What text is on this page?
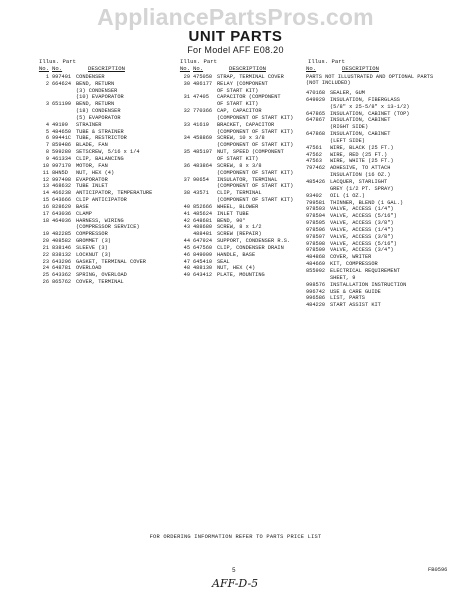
AppliancePartsPros.com
UNIT PARTS
For Model AFF E08.20
Illus. Part
No. No.	DESCRIPTION
1 997401 CONDENSER
2 664624 BEND, RETURN
(3) CONDENSER
(10) EVAPORATOR
3 651199 BEND, RETURN
(18) CONDENSER
(5) EVAPORATOR
4 49199	STRAINER
5 484650 TUBE & STRAINER
6 99441C TUBE, RESTRICTOR
7 859486 BLADE, FAN
8 599280 SETSCREW, 5/16 x 1/4
9 461334 CLIP, BALANCING
10 997170 MOTOR, FAN
11 8HN5D	NUT, HEX (4)
12 997408 EVAPORATOR
13 468632 TUBE INLET
14 466238 ANTICIPATOR, TEMPERATURE
15 643666 CLIP ANTICIPATOR
16 828620 BASE
17 643036 CLAMP
18 464036 HARNESS, WIRING
(COMPRESSOR SERVICE)
19 482285 COMPRESSOR
20 408582 GROMMET (3)
21 838146 SLEEVE (3)
22 838132 LOCKNUT (3)
23 643296 GASKET, TERMINAL COVER
24 648781 OVERLOAD
25 643362 SPRING, OVERLOAD
26 865762 COVER, TERMINAL
Illus. Part
No. No.	DESCRIPTION
29 475050 STRAP, TERMINAL COVER
30 486177 RELAY (COMPONENT
OF START KIT)
31 47405	CAPACITOR (COMPONENT
OF START KIT)
32 770366 CAP, CAPACITOR
(COMPONENT OF START KIT)
33 41619	BRACKET, CAPACITOR
(COMPONENT OF START KIT)
34 458869 SCREW, 10 x 3/8
(COMPONENT OF START KIT)
35 485197 NUT, SPEED (COMPONENT
OF START KIT)
36 483864 SCREW, 8 x 3/8
(COMPONENT OF START KIT)
37 90654	INSULATOR, TERMINAL
(COMPONENT OF START KIT)
38 43571	CLIP, TERMINAL
(COMPONENT OF START KIT)
40 852666 WHEEL, BLOWER
41 485624 INLET TUBE
42 648681 BEND, 90°
43 488680 SCREW, 8 x 1/2
488481 SCREW (REPAIR)
44 647924 SUPPORT, CONDENSER R.S.
45 647560 CLIP, CONDENSER DRAIN
46 849009 HANDLE, BASE
47 645410 SEAL
48 488130 NUT, HEX (4)
49 643412 PLATE, MOUNTING
Illus. Part
No.	DESCRIPTION
PARTS NOT ILLUSTRATED AND OPTIONAL PARTS (NOT INCLUDED)
470168 SEALER, GUM
649929 INSULATION, FIBERGLASS
(5/8" x 25-5/8" x 13-1/2)
647865 INSULATION, CABINET (TOP)
647867 INSULATION, CABINET
(RIGHT SIDE)
647868 INSULATION, CABINET
(LEFT SIDE)
47561	WIRE, BLACK (25 FT.)
47562	WIRE, RED (25 FT.)
47563	WIRE, WHITE (25 FT.)
797462 ADHESIVE, TO ATTACH
INSULATION (16 OZ.)
485426 LACQUER, STARLIGHT
GREY (1/2 PT. SPRAY)
93402	OIL (1 OZ.)
799581 THINNER, BLEND (1 GAL.)
978503 VALVE, ACCESS (1/4")
978504 VALVE, ACCESS (5/16")
978505 VALVE, ACCESS (3/8")
978506 VALVE, ACCESS (1/4")
978507 VALVE, ACCESS (3/8")
978508 VALVE, ACCESS (5/16")
978509 VALVE, ACCESS (3/4")
484868 COVER, WRITER
484669 KIT, COMPRESSOR
855992 ELECTRICAL REQUIREMENT
SHEET, 9
998576 INSTALLATION INSTRUCTION
996742 USE & CARE GUIDE
996586 LIST, PARTS
484220 START ASSIST KIT
FOR ORDERING INFORMATION REFER TO PARTS PRICE LIST
5	FB0596
AFF-D-5
